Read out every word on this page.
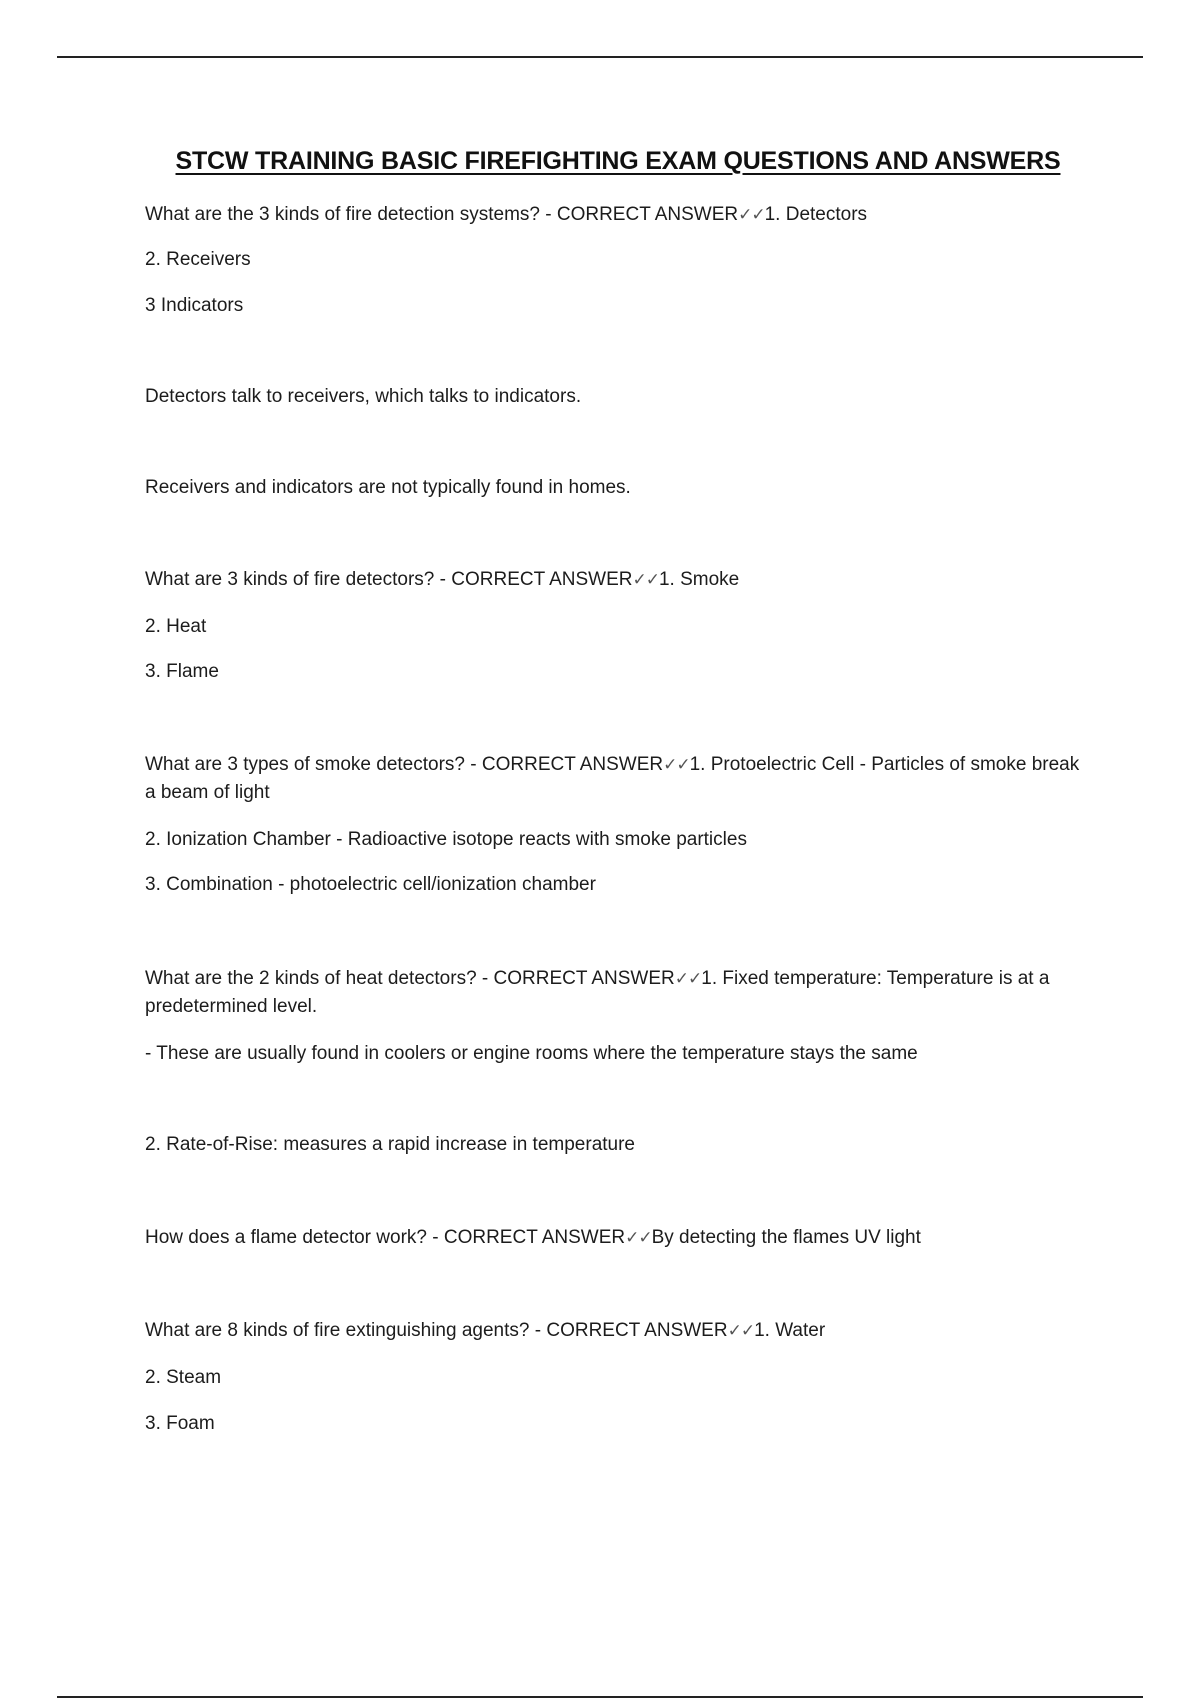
STCW TRAINING BASIC FIREFIGHTING EXAM QUESTIONS AND ANSWERS
What are the 3 kinds of fire detection systems? - CORRECT ANSWER✓✓1. Detectors
2. Receivers
3 Indicators
Detectors talk to receivers, which talks to indicators.
Receivers and indicators are not typically found in homes.
What are 3 kinds of fire detectors? - CORRECT ANSWER✓✓1. Smoke
2. Heat
3. Flame
What are 3 types of smoke detectors? - CORRECT ANSWER✓✓1. Protoelectric Cell - Particles of smoke break a beam of light
2. Ionization Chamber - Radioactive isotope reacts with smoke particles
3. Combination - photoelectric cell/ionization chamber
What are the 2 kinds of heat detectors? - CORRECT ANSWER✓✓1. Fixed temperature: Temperature is at a predetermined level.
- These are usually found in coolers or engine rooms where the temperature stays the same
2. Rate-of-Rise: measures a rapid increase in temperature
How does a flame detector work? - CORRECT ANSWER✓✓By detecting the flames UV light
What are 8 kinds of fire extinguishing agents? - CORRECT ANSWER✓✓1. Water
2. Steam
3. Foam
